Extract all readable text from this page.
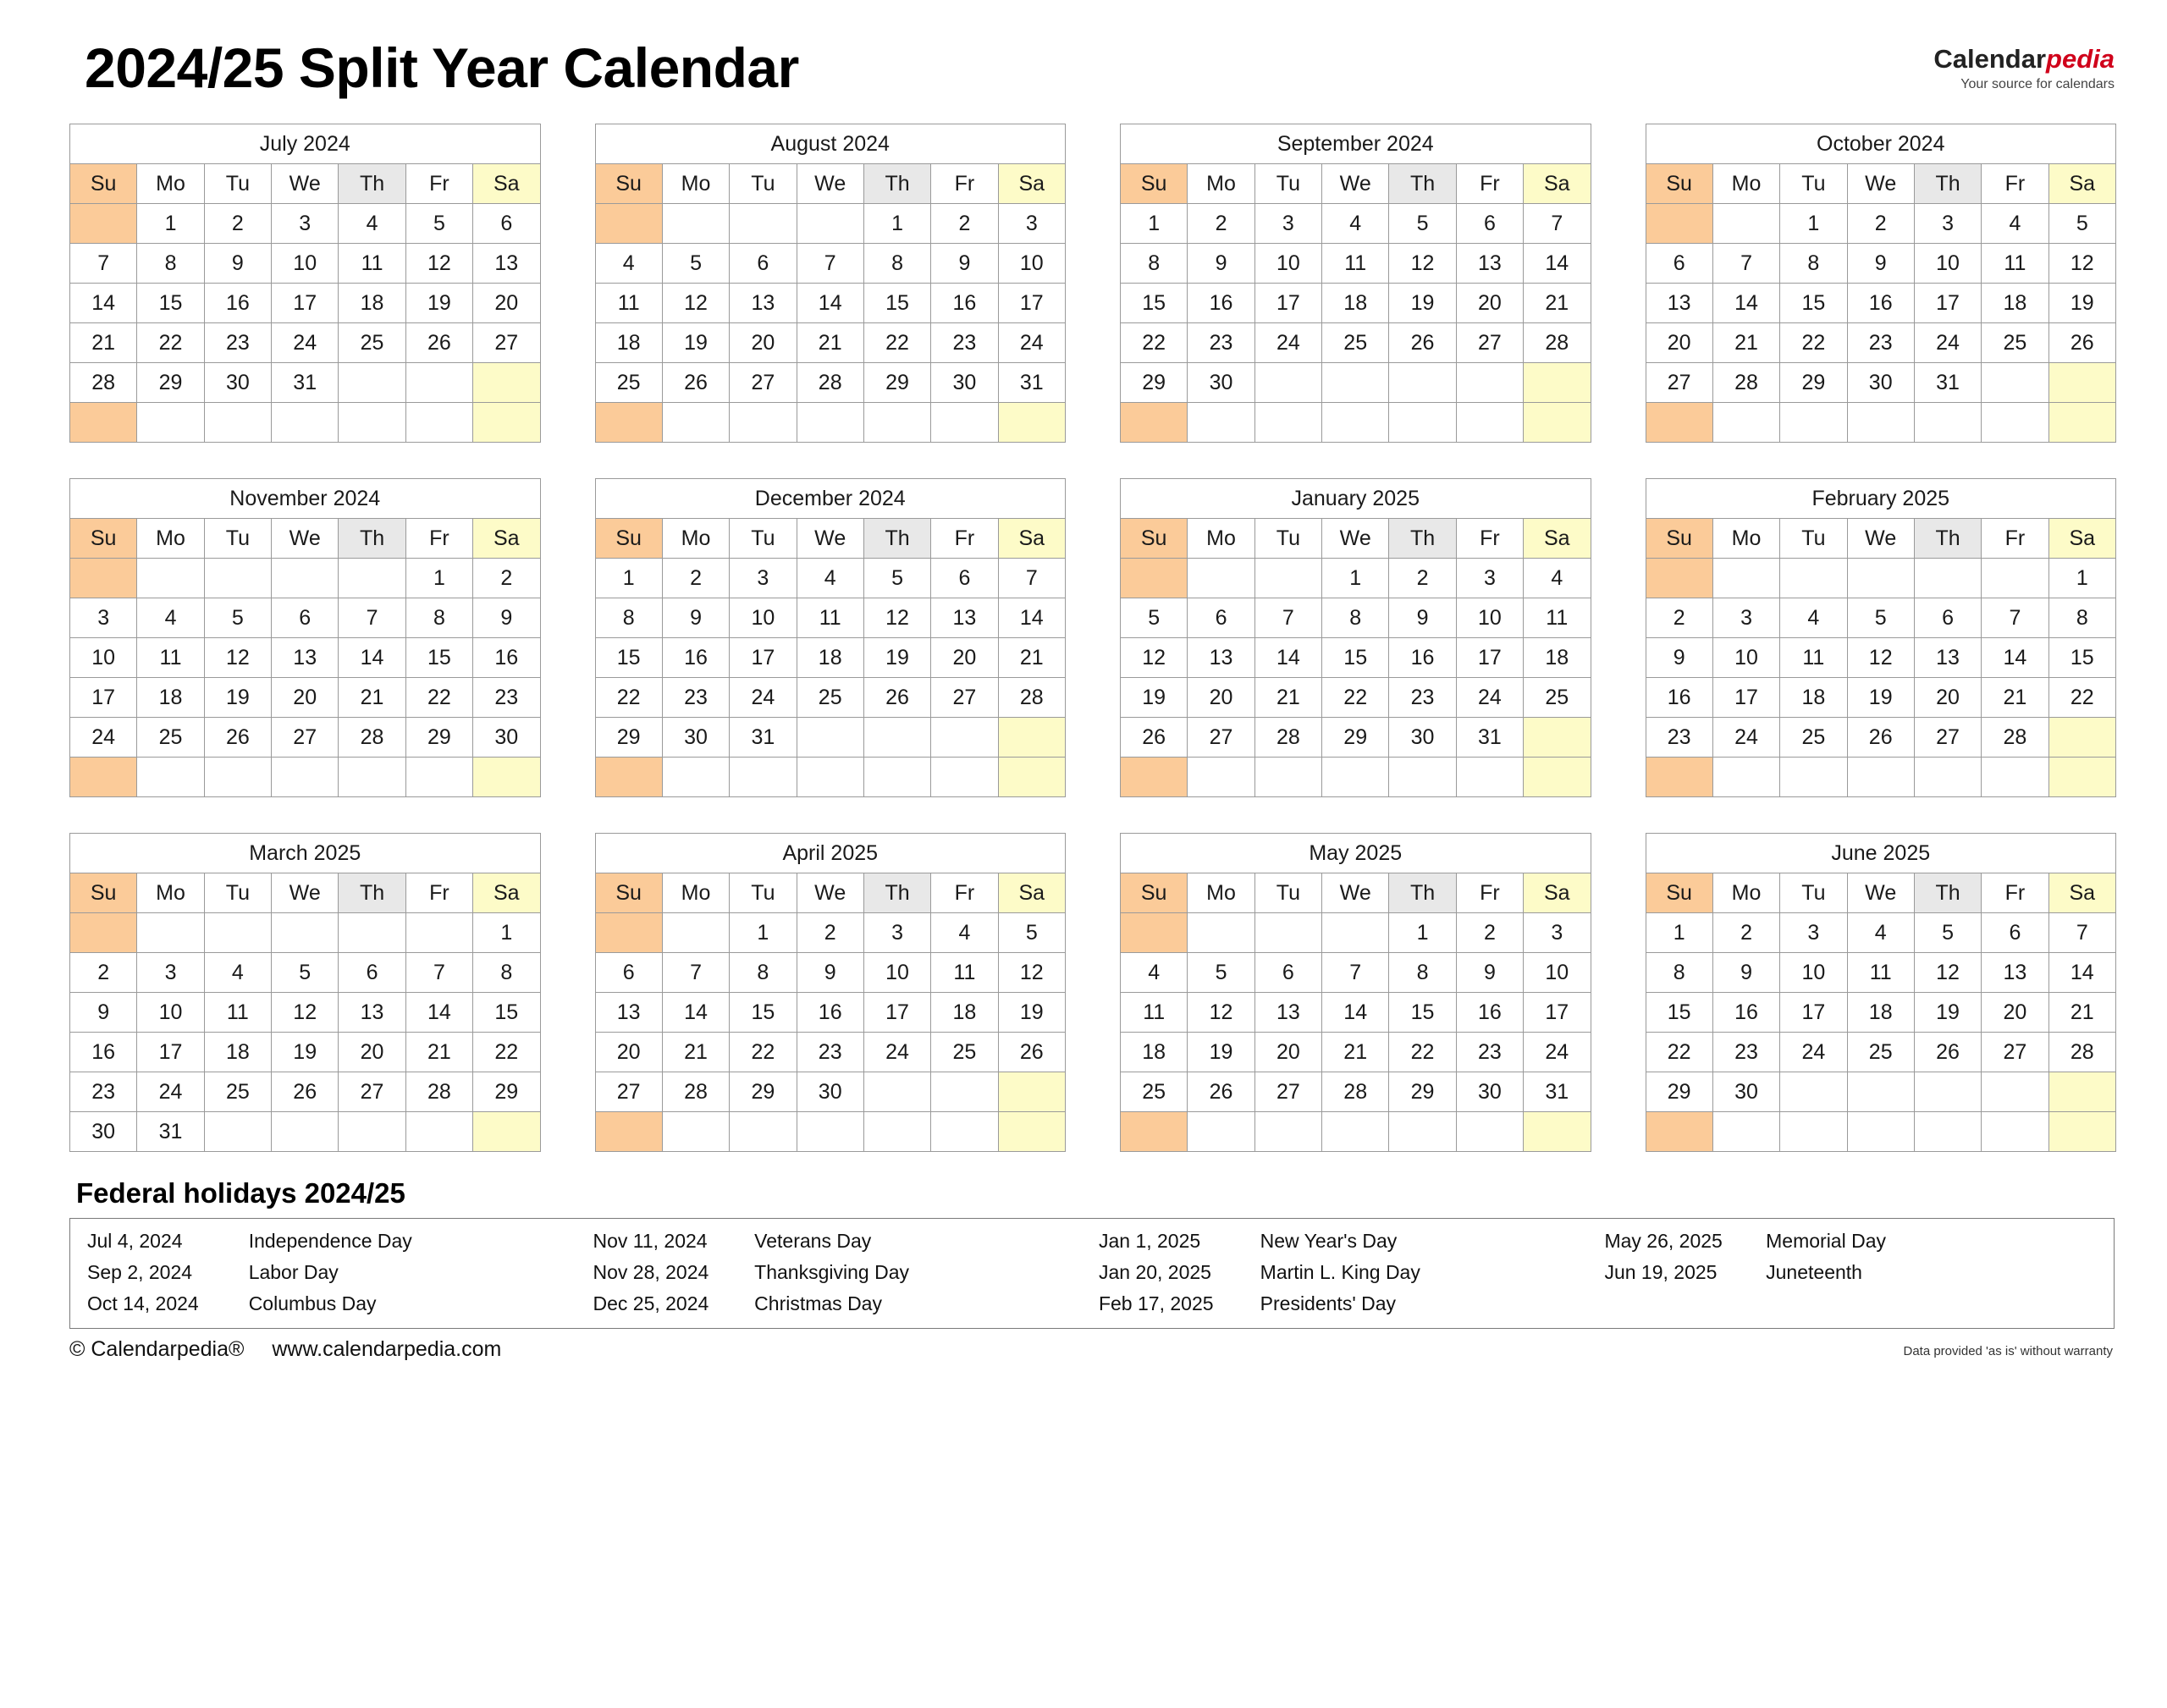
2024/25 Split Year Calendar	Calendarpedia
Your source for calendars
July 2024						
Su	Mo	Tu	We	Th	Fr	Sa
	1	2	3	4	5	6
7	8	9	10	11	12	13
14	15	16	17	18	19	20
21	22	23	24	25	26	27
28	29	30	31			

August 2024						
Su	Mo	Tu	We	Th	Fr	Sa
				1	2	3
4	5	6	7	8	9	10
11	12	13	14	15	16	17
18	19	20	21	22	23	24
25	26	27	28	29	30	31

September 2024						
Su	Mo	Tu	We	Th	Fr	Sa
1	2	3	4	5	6	7
8	9	10	11	12	13	14
15	16	17	18	19	20	21
22	23	24	25	26	27	28
29	30					

October 2024						
Su	Mo	Tu	We	Th	Fr	Sa
		1	2	3	4	5
6	7	8	9	10	11	12
13	14	15	16	17	18	19
20	21	22	23	24	25	26
27	28	29	30	31		

November 2024						
Su	Mo	Tu	We	Th	Fr	Sa
					1	2
3	4	5	6	7	8	9
10	11	12	13	14	15	16
17	18	19	20	21	22	23
24	25	26	27	28	29	30

December 2024						
Su	Mo	Tu	We	Th	Fr	Sa
1	2	3	4	5	6	7
8	9	10	11	12	13	14
15	16	17	18	19	20	21
22	23	24	25	26	27	28
29	30	31				

January 2025						
Su	Mo	Tu	We	Th	Fr	Sa
			1	2	3	4
5	6	7	8	9	10	11
12	13	14	15	16	17	18
19	20	21	22	23	24	25
26	27	28	29	30	31	

February 2025						
Su	Mo	Tu	We	Th	Fr	Sa
						1
2	3	4	5	6	7	8
9	10	11	12	13	14	15
16	17	18	19	20	21	22
23	24	25	26	27	28	

March 2025						
Su	Mo	Tu	We	Th	Fr	Sa
						1
2	3	4	5	6	7	8
9	10	11	12	13	14	15
16	17	18	19	20	21	22
23	24	25	26	27	28	29
30	31					
April 2025						
Su	Mo	Tu	We	Th	Fr	Sa
		1	2	3	4	5
6	7	8	9	10	11	12
13	14	15	16	17	18	19
20	21	22	23	24	25	26
27	28	29	30			

May 2025						
Su	Mo	Tu	We	Th	Fr	Sa
				1	2	3
4	5	6	7	8	9	10
11	12	13	14	15	16	17
18	19	20	21	22	23	24
25	26	27	28	29	30	31

June 2025						
Su	Mo	Tu	We	Th	Fr	Sa
1	2	3	4	5	6	7
8	9	10	11	12	13	14
15	16	17	18	19	20	21
22	23	24	25	26	27	28
29	30					

Federal holidays 2024/25
Jul 4, 2024	Independence Day	Nov 11, 2024	Veterans Day	Jan 1, 2025	New Year's Day	May 26, 2025	Memorial Day
Sep 2, 2024	Labor Day	Nov 28, 2024	Thanksgiving Day	Jan 20, 2025	Martin L. King Day	Jun 19, 2025	Juneteenth
Oct 14, 2024	Columbus Day	Dec 25, 2024	Christmas Day	Feb 17, 2025	Presidents' Day		
© Calendarpedia® www.calendarpedia.com	Data provided 'as is' without warranty
